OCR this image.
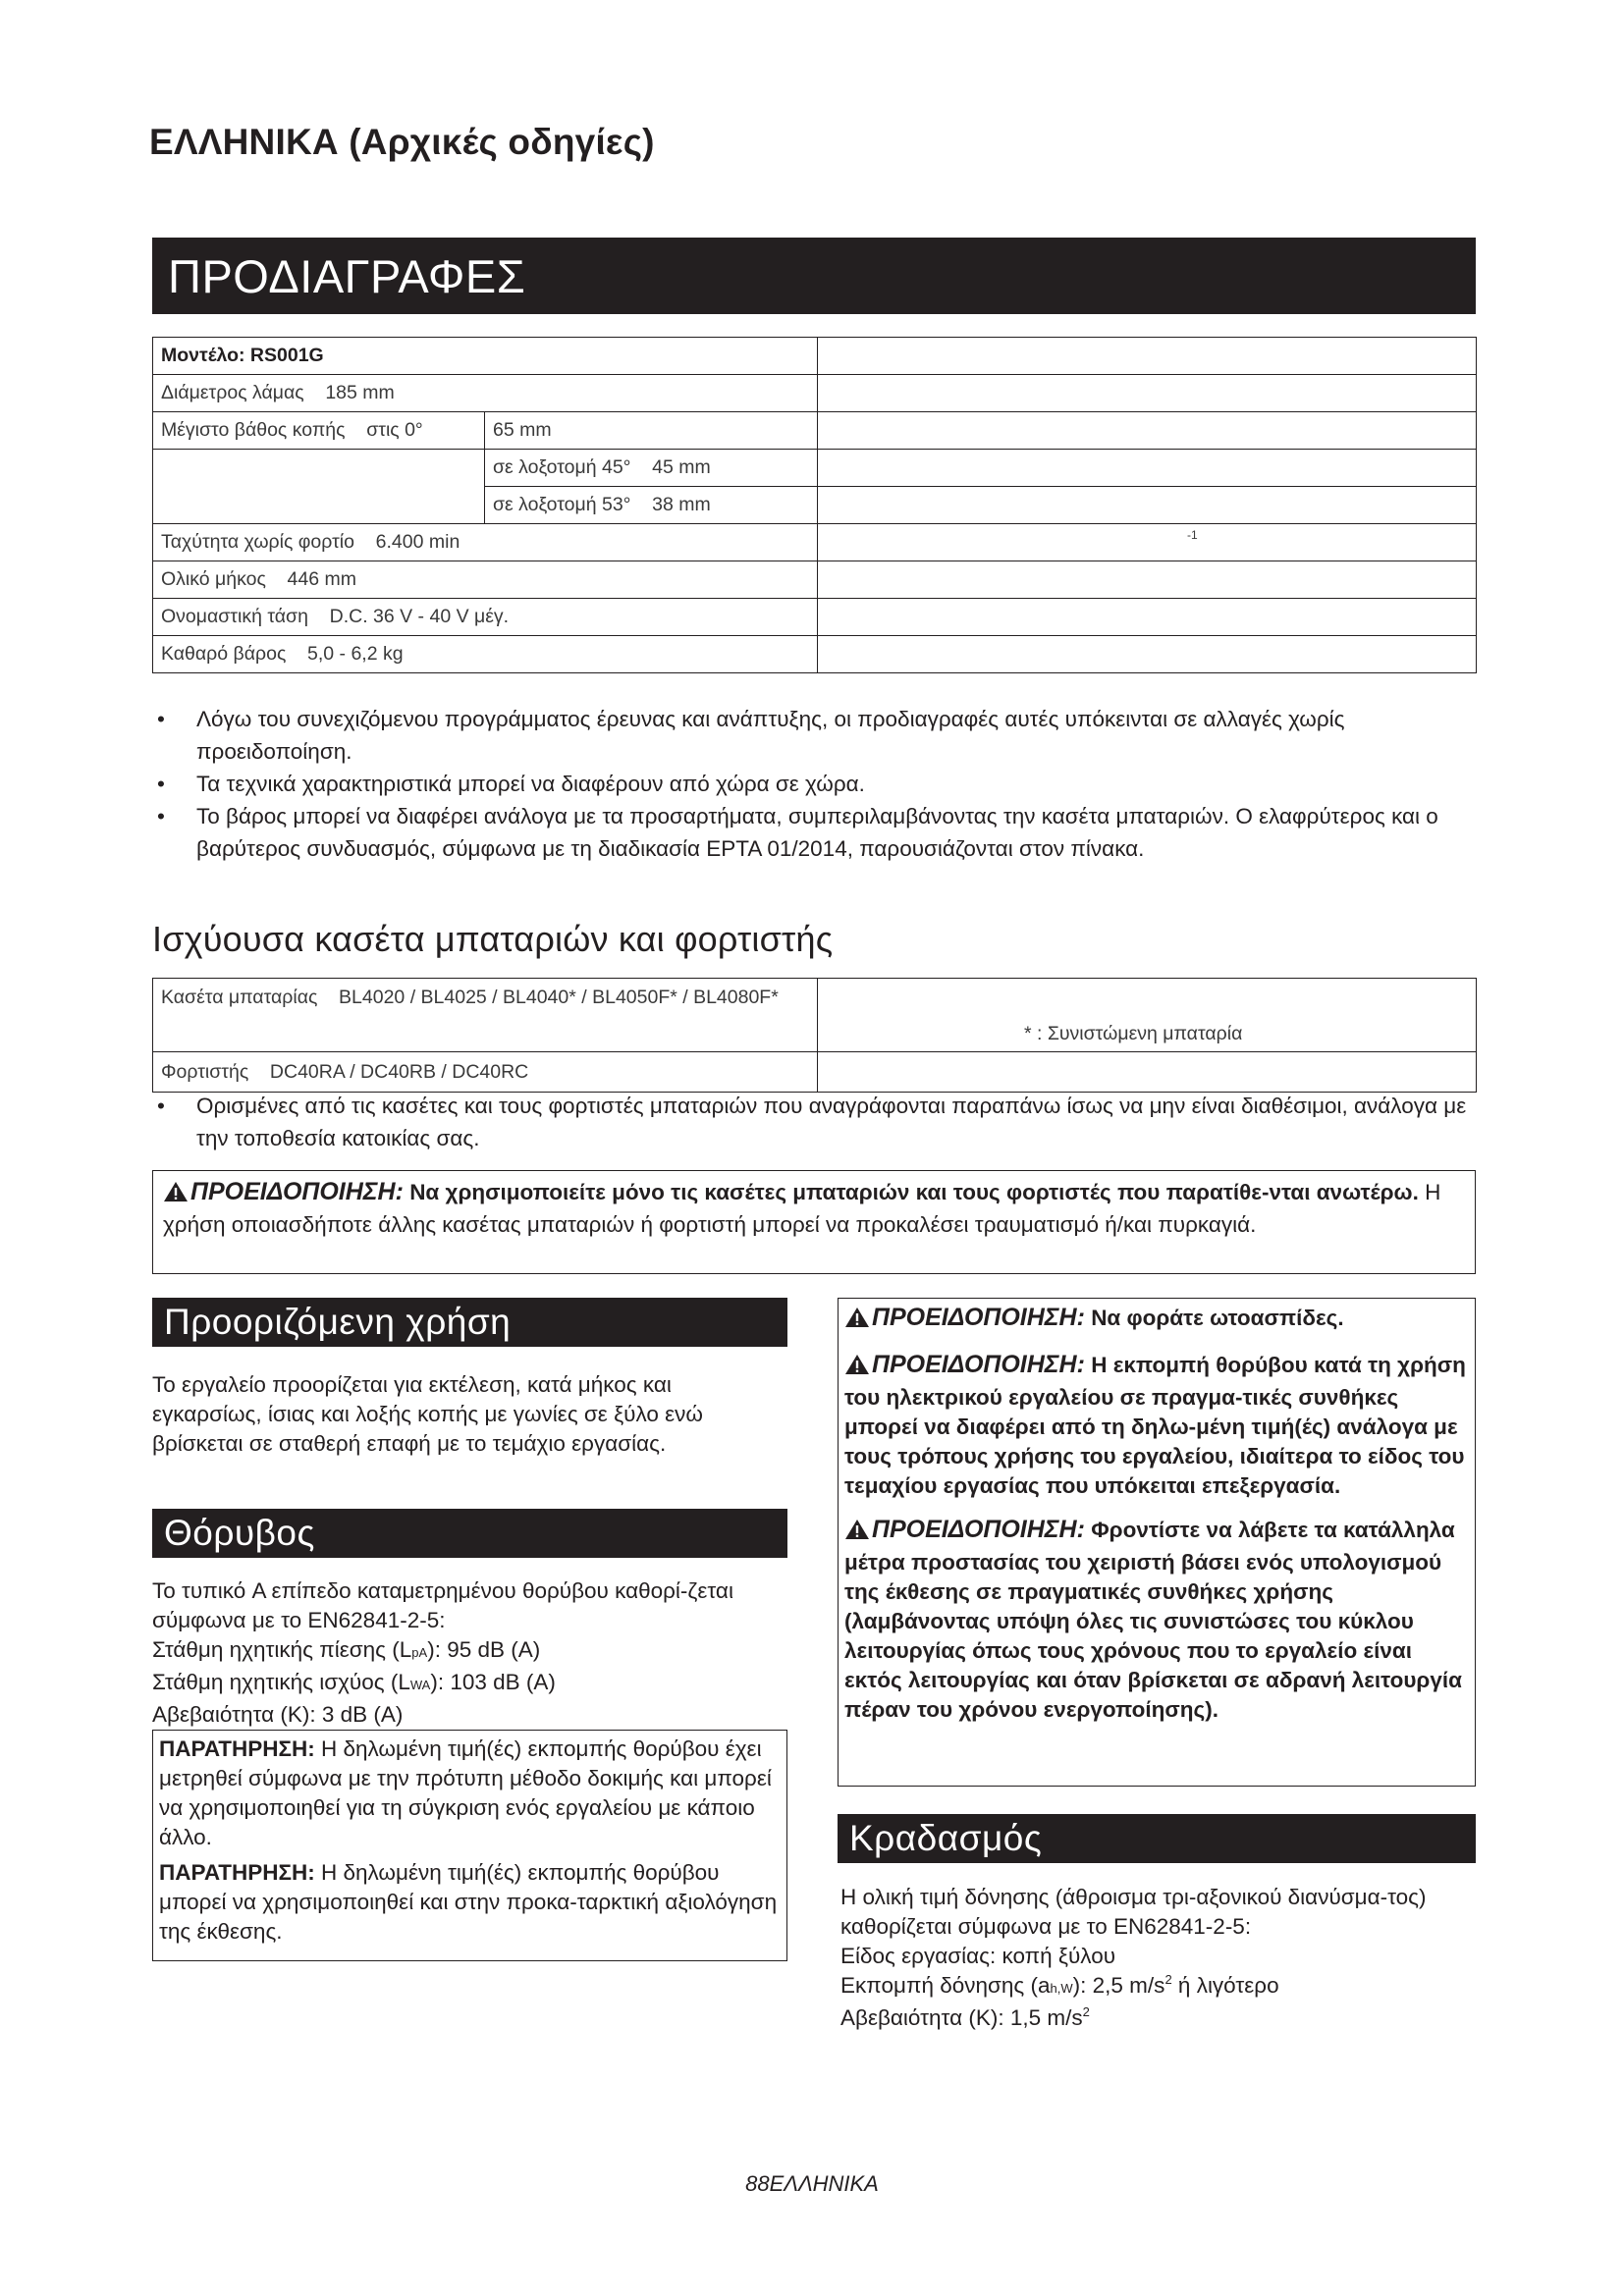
ΕΛΛΗΝΙΚΑ (Αρχικές οδηγίες)
ΠΡΟΔΙΑΓΡΑΦΕΣ
Μοντέλο: RS001G		
Διάμετρος λάμας 185 mm		
Μέγιστο βάθος κοπής στις 0°	65 mm	
	σε λοξοτομή 45° 45 mm	
	σε λοξοτομή 53° 38 mm	
Ταχύτητα χωρίς φορτίο 6.400 min		-1

Ολικό μήκος 446 mm		
Ονομαστική τάση D.C. 36 V - 40 V μέγ.		
Καθαρό βάρος 5,0 - 6,2 kg		
• Λόγω του συνεχιζόμενου προγράμματος έρευνας και ανάπτυξης, οι προδιαγραφές αυτές υπόκεινται σε αλλαγές χωρίς προειδοποίηση.
• Τα τεχνικά χαρακτηριστικά μπορεί να διαφέρουν από χώρα σε χώρα.
• Το βάρος μπορεί να διαφέρει ανάλογα με τα προσαρτήματα, συμπεριλαμβάνοντας την κασέτα μπαταριών. Ο ελαφρύτερος και ο βαρύτερος συνδυασμός, σύμφωνα με τη διαδικασία EPTA 01/2014, παρουσιάζονται στον πίνακα.
Ισχύουσα κασέτα μπαταριών και φορτιστής
Κασέτα μπαταρίας BL4020 / BL4025 / BL4040* / BL4050F* / BL4080F*	* : Συνιστώμενη μπαταρία
Φορτιστής DC40RA / DC40RB / DC40RC	
• Ορισμένες από τις κασέτες και τους φορτιστές μπαταριών που αναγράφονται παραπάνω ίσως να μην είναι διαθέσιμοι, ανάλογα με την τοποθεσία κατοικίας σας.
ΠΡΟΕΙΔΟΠΟΙΗΣΗ: Να χρησιμοποιείτε μόνο τις κασέτες μπαταριών και τους φορτιστές που παρατίθε-νται ανωτέρω. Η χρήση οποιασδήποτε άλλης κασέτας μπαταριών ή φορτιστή μπορεί να προκαλέσει τραυματισμό ή/και πυρκαγιά.
Προοριζόμενη χρήση
Το εργαλείο προορίζεται για εκτέλεση, κατά μήκος και εγκαρσίως, ίσιας και λοξής κοπής με γωνίες σε ξύλο ενώ βρίσκεται σε σταθερή επαφή με το τεμάχιο εργασίας.
Θόρυβος
Το τυπικό A επίπεδο καταμετρημένου θορύβου καθορί-ζεται σύμφωνα με το EN62841-2-5:
Στάθμη ηχητικής πίεσης (LpA): 95 dB (A)
Στάθμη ηχητικής ισχύος (LWA): 103 dB (A)
Αβεβαιότητα (K): 3 dB (A)
ΠΑΡΑΤΗΡΗΣΗ: Η δηλωμένη τιμή(ές) εκπομπής θορύβου έχει μετρηθεί σύμφωνα με την πρότυπη μέθοδο δοκιμής και μπορεί να χρησιμοποιηθεί για τη σύγκριση ενός εργαλείου με κάποιο άλλο.
ΠΑΡΑΤΗΡΗΣΗ: Η δηλωμένη τιμή(ές) εκπομπής θορύβου μπορεί να χρησιμοποιηθεί και στην προκα-ταρκτική αξιολόγηση της έκθεσης.
ΠΡΟΕΙΔΟΠΟΙΗΣΗ: Να φοράτε ωτοασπίδες.
ΠΡΟΕΙΔΟΠΟΙΗΣΗ: Η εκπομπή θορύβου κατά τη χρήση του ηλεκτρικού εργαλείου σε πραγμα-τικές συνθήκες μπορεί να διαφέρει από τη δηλω-μένη τιμή(ές) ανάλογα με τους τρόπους χρήσης του εργαλείου, ιδιαίτερα το είδος του τεμαχίου εργασίας που υπόκειται επεξεργασία.
ΠΡΟΕΙΔΟΠΟΙΗΣΗ: Φροντίστε να λάβετε τα κατάλληλα μέτρα προστασίας του χειριστή βάσει ενός υπολογισμού της έκθεσης σε πραγματικές συνθήκες χρήσης (λαμβάνοντας υπόψη όλες τις συνιστώσες του κύκλου λειτουργίας όπως τους χρόνους που το εργαλείο είναι εκτός λειτουργίας και όταν βρίσκεται σε αδρανή λειτουργία πέραν του χρόνου ενεργοποίησης).
Κραδασμός
Η ολική τιμή δόνησης (άθροισμα τρι-αξονικού διανύσμα-τος) καθορίζεται σύμφωνα με το EN62841-2-5:
Είδος εργασίας: κοπή ξύλου
Εκπομπή δόνησης (ah,W): 2,5 $m/s^2$ ή λιγότερο
Αβεβαιότητα (K): 1,5 $m/s^2$
88ΕΛΛΗΝΙΚΑ
